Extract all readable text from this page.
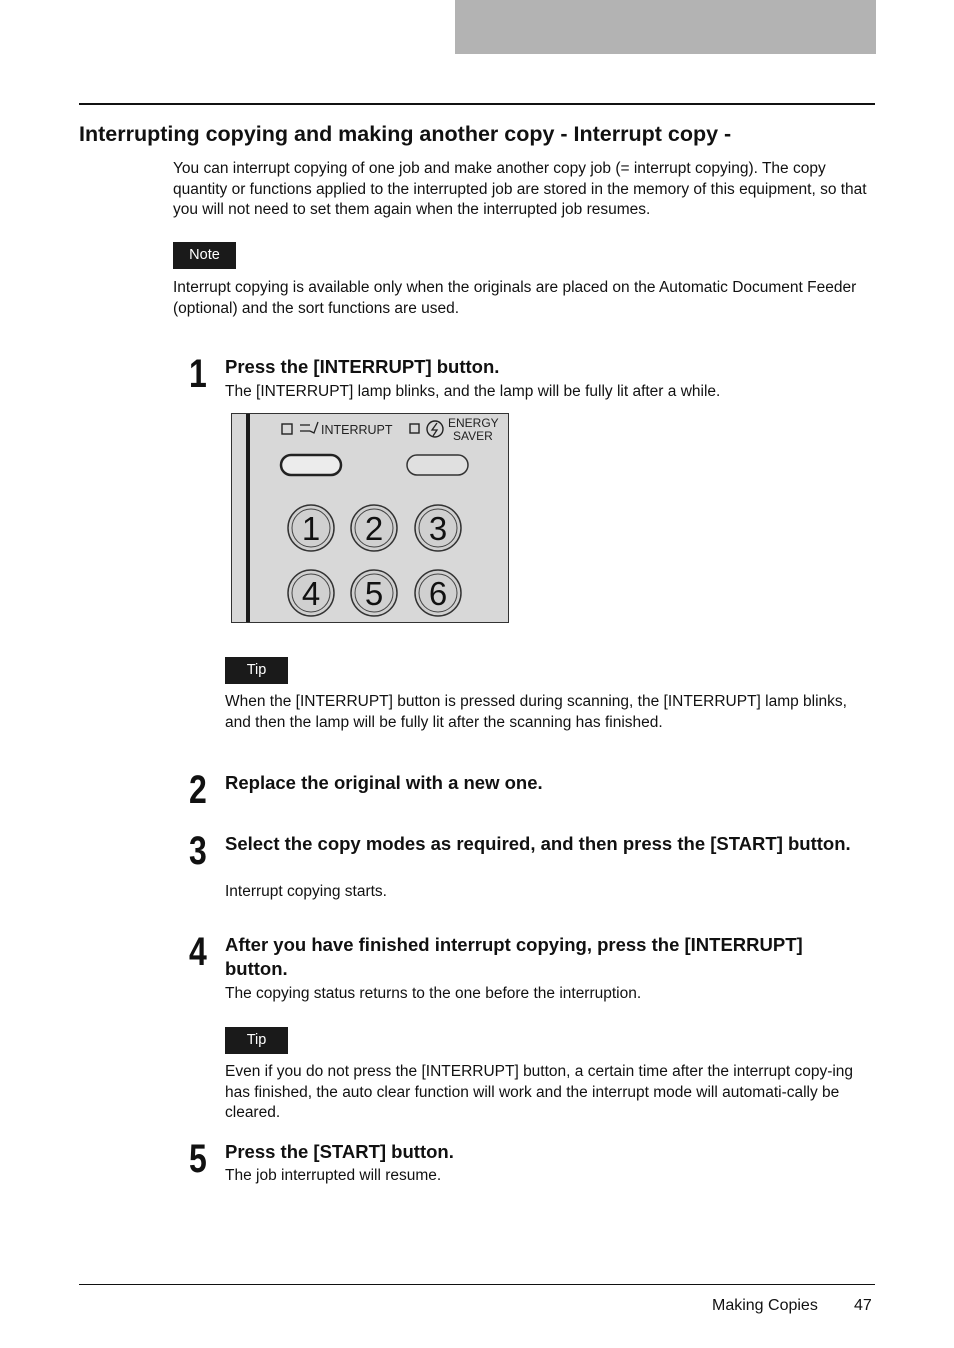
Interrupting copying and making another copy - Interrupt copy -

You can interrupt copying of one job and make another copy job (= interrupt copying). The copy quantity or functions applied to the interrupted job are stored in the memory of this equipment, so that you will not need to set them again when the interrupted job resumes.

Note

Interrupt copying is available only when the originals are placed on the Automatic Document Feeder (optional) and the sort functions are used.

1 Press the [INTERRUPT] button.

The [INTERRUPT] lamp blinks, and the lamp will be fully lit after a while.

INTERRUPT	ENERGY
SAVER
1 2 3
4 5 6
Tip

When the [INTERRUPT] button is pressed during scanning, the [INTERRUPT] lamp blinks, and then the lamp will be fully lit after the scanning has finished.

2 Replace the original with a new one.
3 Select the copy modes as required, and then press the [START] button.

Interrupt copying starts.

4 After you have finished interrupt copying, press the [INTERRUPT] button.

The copying status returns to the one before the interruption.

Tip

Even if you do not press the [INTERRUPT] button, a certain time after the interrupt copy-ing has finished, the auto clear function will work and the interrupt mode will automati-cally be cleared.

5 Press the [START] button.

The job interrupted will resume.

Making Copies 47
